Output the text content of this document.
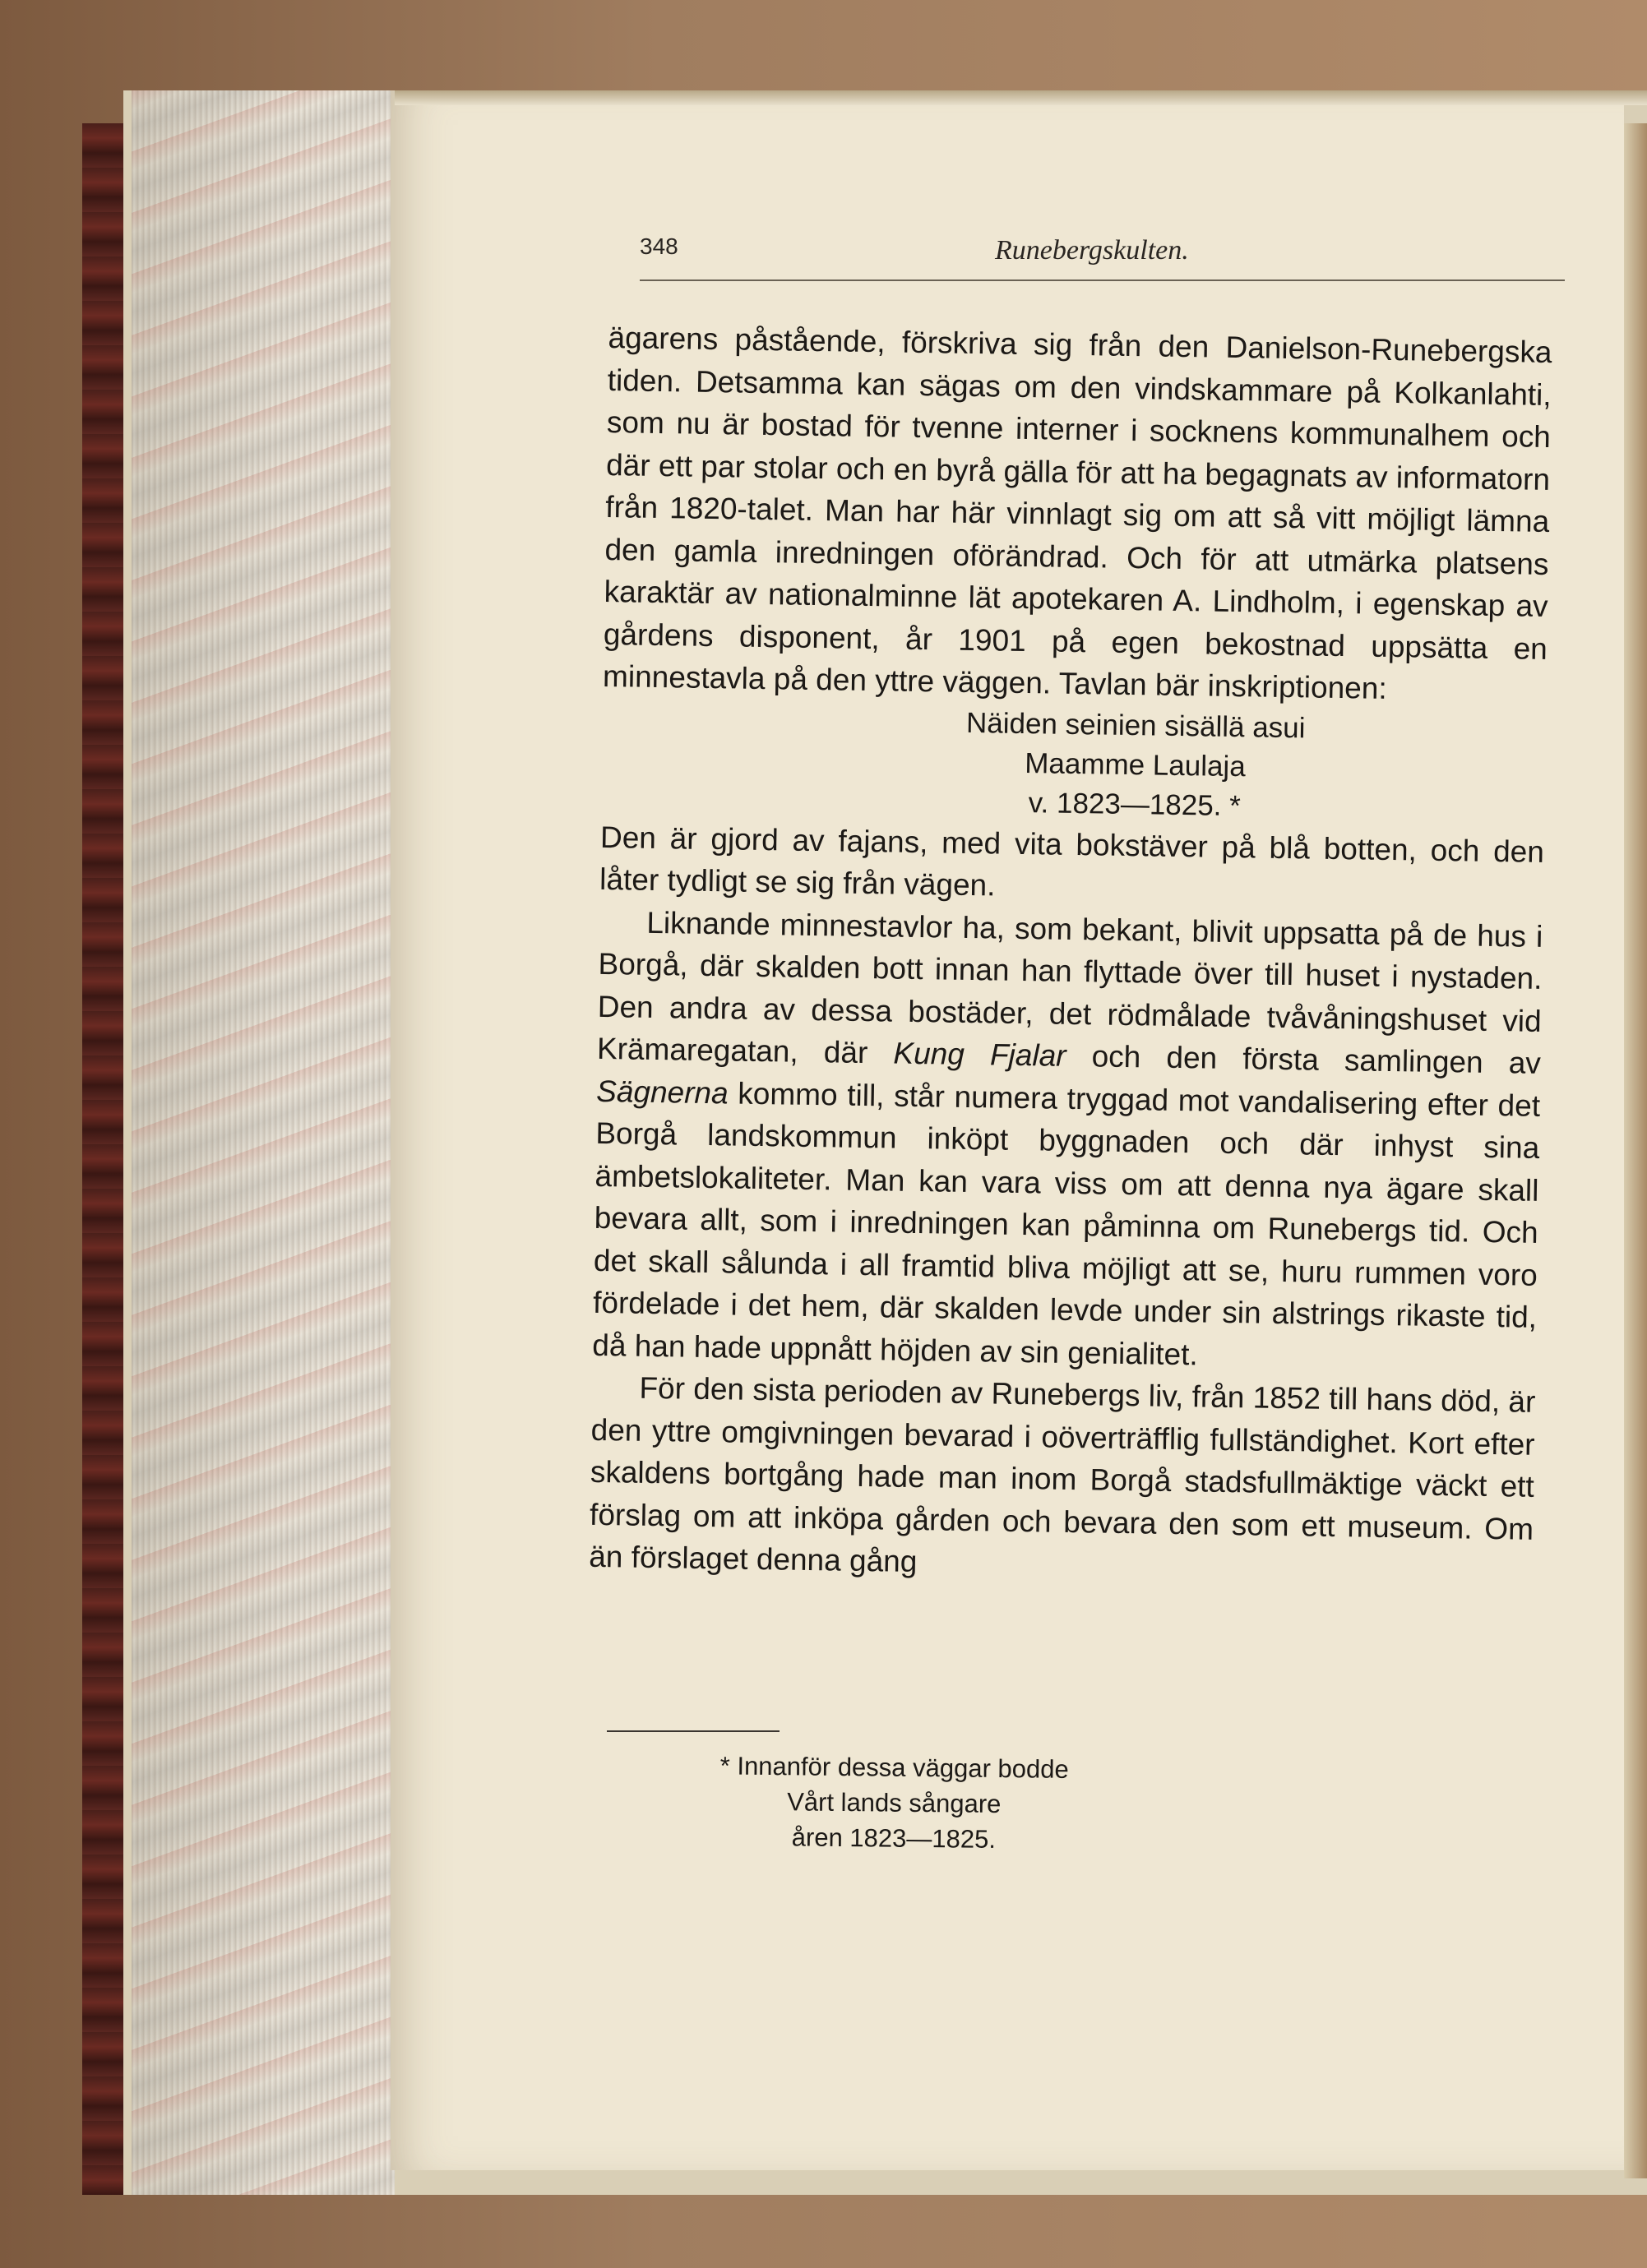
348	Runebergskulten.

ägarens påstående, förskriva sig från den Danielson-Runebergska tiden. Detsamma kan sägas om den vindskammare på Kolkanlahti, som nu är bostad för tvenne interner i socknens kommunalhem och där ett par stolar och en byrå gälla för att ha begagnats av informatorn från 1820-talet. Man har här vinnlagt sig om att så vitt möjligt lämna den gamla inredningen oförändrad. Och för att utmärka platsens karaktär av nationalminne lät apotekaren A. Lindholm, i egenskap av gårdens disponent, år 1901 på egen bekostnad uppsätta en minnestavla på den yttre väggen. Tavlan bär inskriptionen:

Näiden seinien sisällä asui
Maamme Laulaja
v. 1823—1825. *

Den är gjord av fajans, med vita bokstäver på blå botten, och den låter tydligt se sig från vägen.

Liknande minnestavlor ha, som bekant, blivit uppsatta på de hus i Borgå, där skalden bott innan han flyttade över till huset i nystaden. Den andra av dessa bostäder, det rödmålade tvåvåningshuset vid Krämaregatan, där Kung Fjalar och den första samlingen av Sägnerna kommo till, står numera tryggad mot vandalisering efter det Borgå landskommun inköpt byggnaden och där inhyst sina ämbetslokaliteter. Man kan vara viss om att denna nya ägare skall bevara allt, som i inredningen kan påminna om Runebergs tid. Och det skall sålunda i all framtid bliva möjligt att se, huru rummen voro fördelade i det hem, där skalden levde under sin alstrings rikaste tid, då han hade uppnått höjden av sin genialitet.

För den sista perioden av Runebergs liv, från 1852 till hans död, är den yttre omgivningen bevarad i oöverträfflig fullständighet. Kort efter skaldens bortgång hade man inom Borgå stadsfullmäktige väckt ett förslag om att inköpa gården och bevara den som ett museum. Om än förslaget denna gång

* Innanför dessa väggar bodde
Vårt lands sångare
åren 1823—1825.
